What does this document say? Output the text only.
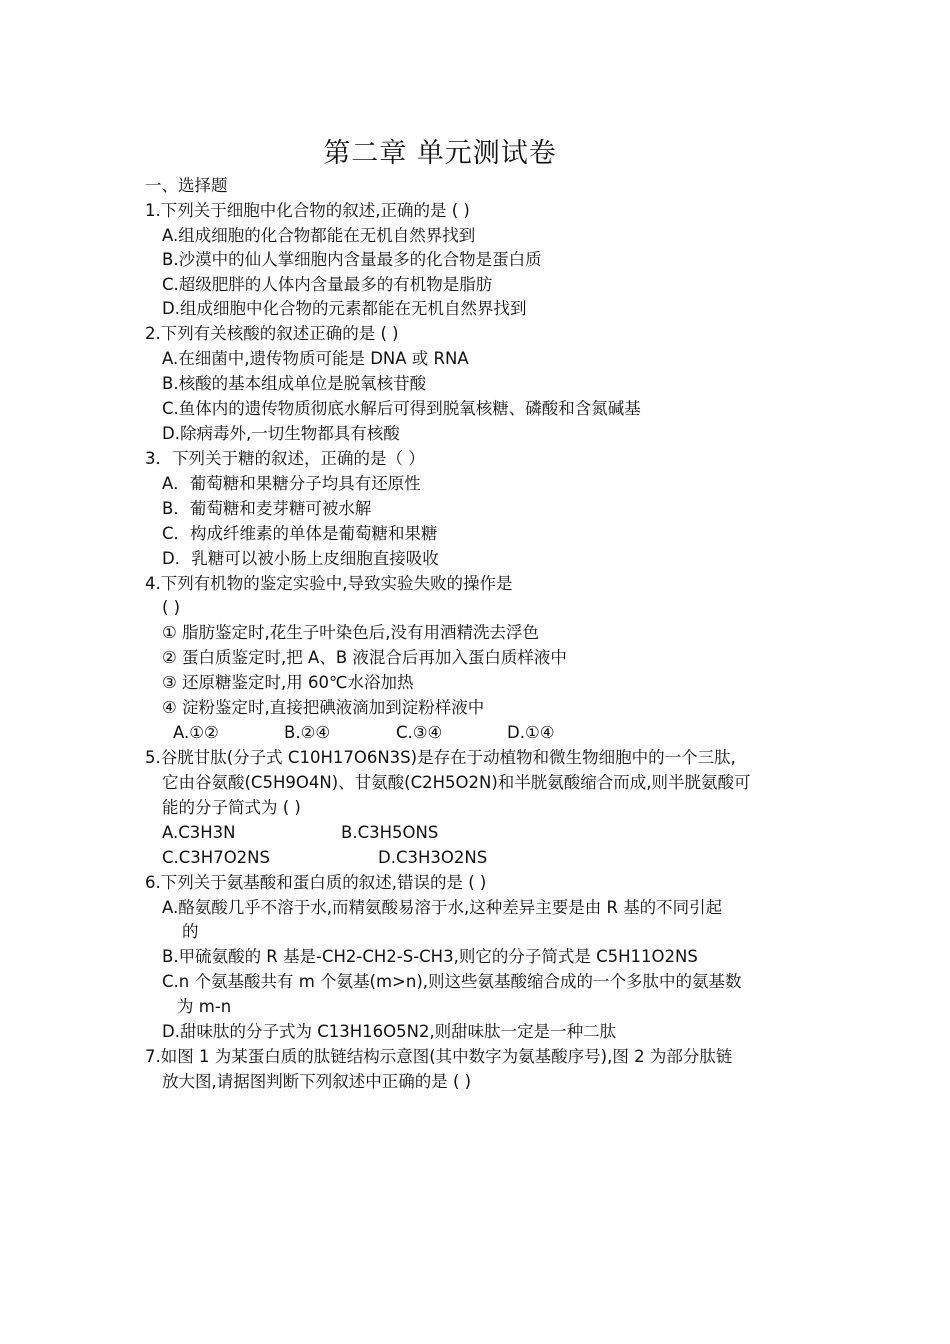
第二章 单元测试卷
一、选择题
1.下列关于细胞中化合物的叙述,正确的是 ( )
A.组成细胞的化合物都能在无机自然界找到
B.沙漠中的仙人掌细胞内含量最多的化合物是蛋白质
C.超级肥胖的人体内含量最多的有机物是脂肪
D.组成细胞中化合物的元素都能在无机自然界找到
2.下列有关核酸的叙述正确的是 ( )
A.在细菌中,遗传物质可能是 DNA 或 RNA
B.核酸的基本组成单位是脱氧核苷酸
C.鱼体内的遗传物质彻底水解后可得到脱氧核糖、磷酸和含氮碱基
D.除病毒外,一切生物都具有核酸
3．下列关于糖的叙述，正确的是（ ）
A．葡萄糖和果糖分子均具有还原性
B．葡萄糖和麦芽糖可被水解
C．构成纤维素的单体是葡萄糖和果糖
D．乳糖可以被小肠上皮细胞直接吸收
4.下列有机物的鉴定实验中,导致实验失败的操作是
( )
① 脂肪鉴定时,花生子叶染色后,没有用酒精洗去浮色
② 蛋白质鉴定时,把 A、B 液混合后再加入蛋白质样液中
③ 还原糖鉴定时,用 60℃水浴加热
④ 淀粉鉴定时,直接把碘液滴加到淀粉样液中
A.①②	B.②④	C.③④	D.①④
5.谷胱甘肽(分子式 C10H17O6N3S)是存在于动植物和微生物细胞中的一个三肽,
它由谷氨酸(C5H9O4N)、甘氨酸(C2H5O2N)和半胱氨酸缩合而成,则半胱氨酸可
能的分子简式为 ( )
A.C3H3N	B.C3H5ONS
C.C3H7O2NS	D.C3H3O2NS
6.下列关于氨基酸和蛋白质的叙述,错误的是 ( )
A.酪氨酸几乎不溶于水,而精氨酸易溶于水,这种差异主要是由 R 基的不同引起
的
B.甲硫氨酸的 R 基是-CH2-CH2-S-CH3,则它的分子简式是 C5H11O2NS
C.n 个氨基酸共有 m 个氨基(m>n),则这些氨基酸缩合成的一个多肽中的氨基数
为 m-n
D.甜味肽的分子式为 C13H16O5N2,则甜味肽一定是一种二肽
7.如图 1 为某蛋白质的肽链结构示意图(其中数字为氨基酸序号),图 2 为部分肽链
放大图,请据图判断下列叙述中正确的是 ( )
